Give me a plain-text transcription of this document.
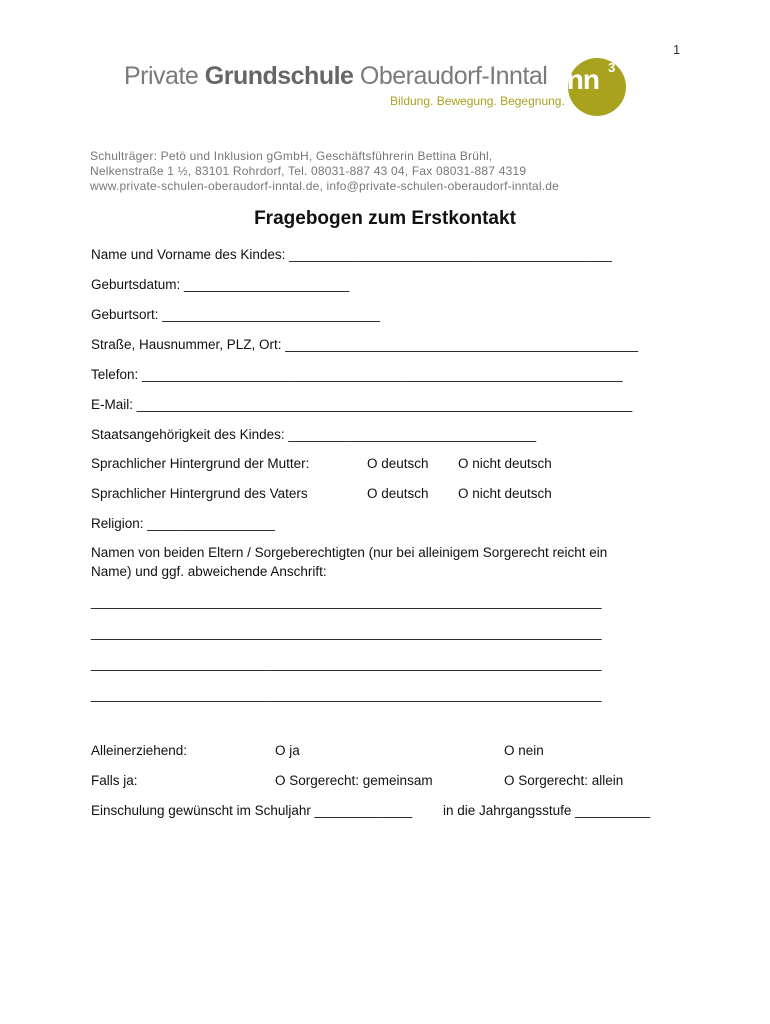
1
Private Grundschule Oberaudorf-Inntal
Bildung. Bewegung. Begegnung.
inn 3
Schulträger: Petö und Inklusion gGmbH, Geschäftsführerin Bettina Brühl,
Nelkenstraße 1 ½, 83101 Rohrdorf, Tel. 08031-887 43 04, Fax 08031-887 4319
www.private-schulen-oberaudorf-inntal.de, info@private-schulen-oberaudorf-inntal.de
Fragebogen zum Erstkontakt
Name und Vorname des Kindes: ___________________________________________
Geburtsdatum: ______________________
Geburtsort: _____________________________
Straße, Hausnummer, PLZ, Ort: _______________________________________________
Telefon: ________________________________________________________________
E-Mail: __________________________________________________________________
Staatsangehörigkeit des Kindes: _________________________________
Sprachlicher Hintergrund der Mutter:	O deutsch O nicht deutsch
Sprachlicher Hintergrund des Vaters	O deutsch O nicht deutsch
Religion: _________________
Namen von beiden Eltern / Sorgeberechtigten (nur bei alleinigem Sorgerecht reicht ein Name) und ggf. abweichende Anschrift:
____________________________________________________________________
____________________________________________________________________
____________________________________________________________________
____________________________________________________________________
Alleinerziehend:	O ja	O nein
Falls ja:	O Sorgerecht: gemeinsam	O Sorgerecht: allein
Einschulung gewünscht im Schuljahr _____________ in die Jahrgangsstufe __________
